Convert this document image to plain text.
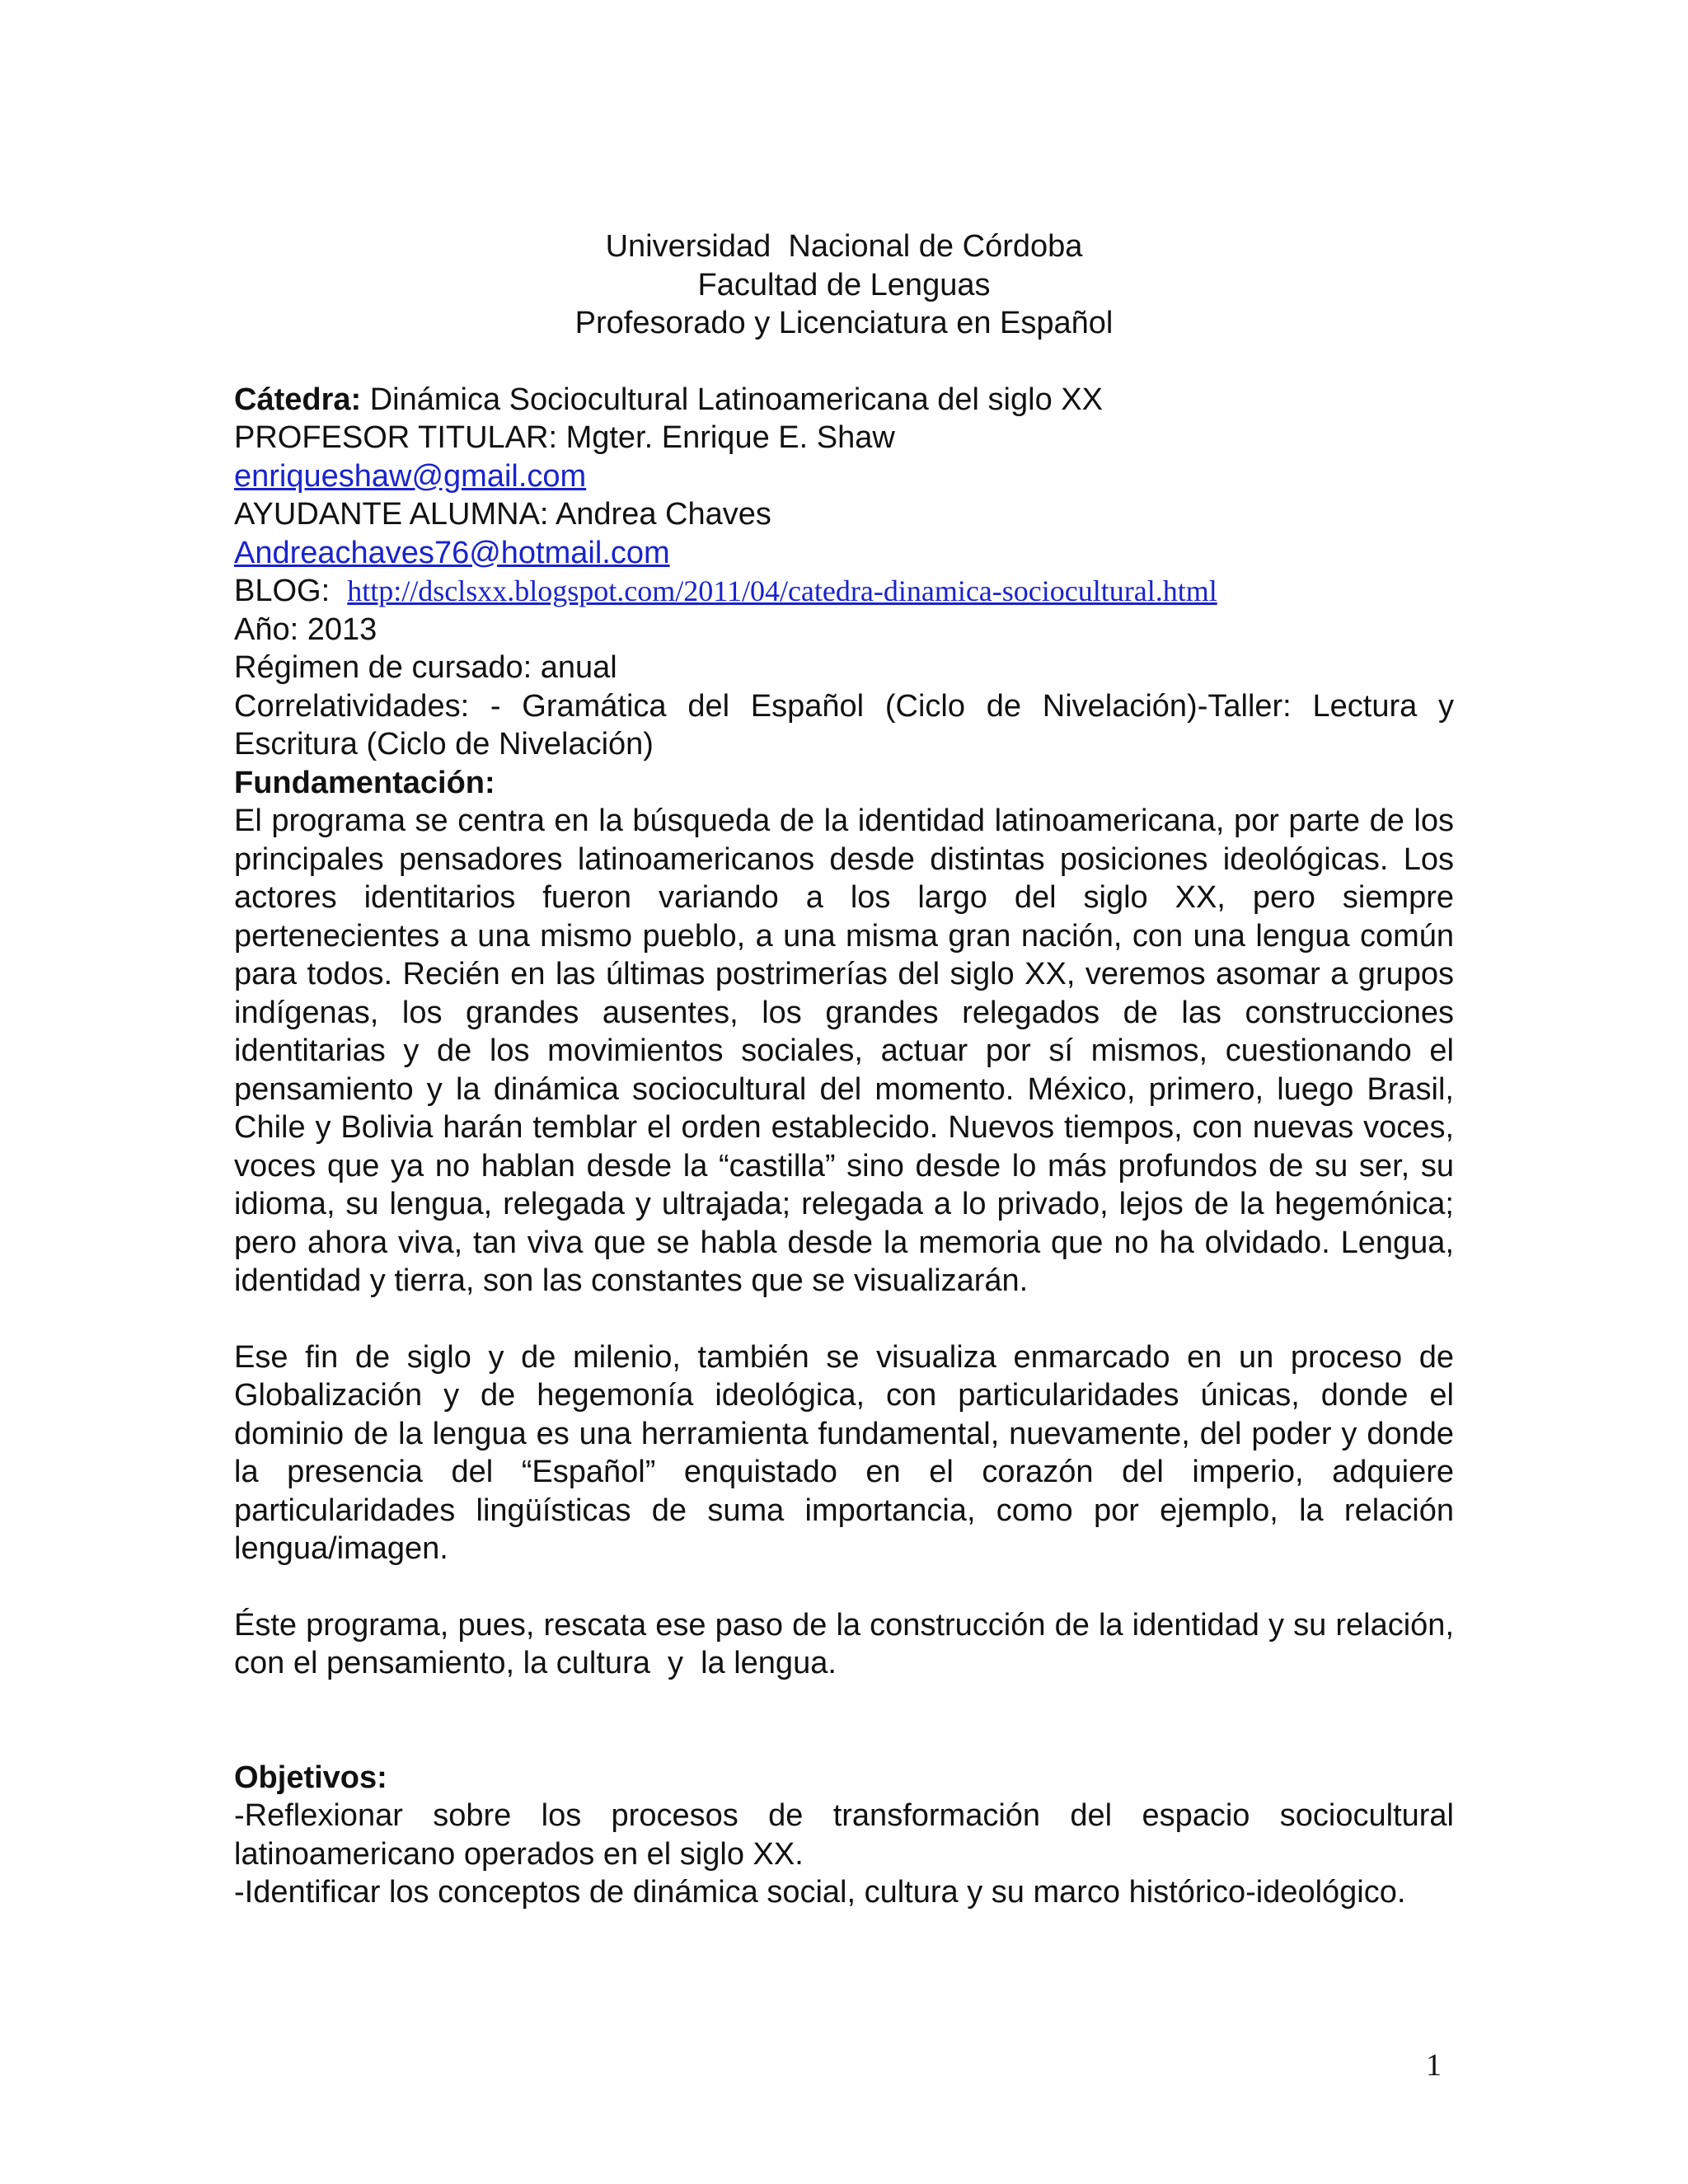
Universidad  Nacional de Córdoba
Facultad de Lenguas
Profesorado y Licenciatura en Español
Cátedra: Dinámica Sociocultural Latinoamericana del siglo XX
PROFESOR TITULAR: Mgter. Enrique E. Shaw
enriqueshaw@gmail.com
AYUDANTE ALUMNA: Andrea Chaves
Andreachaves76@hotmail.com
BLOG:  http://dsclsxx.blogspot.com/2011/04/catedra-dinamica-sociocultural.html
Año: 2013
Régimen de cursado: anual
Correlatividades: - Gramática del Español (Ciclo de Nivelación)-Taller: Lectura y Escritura (Ciclo de Nivelación)
Fundamentación:
El programa se centra en la búsqueda de la identidad latinoamericana, por parte de los principales pensadores latinoamericanos desde distintas posiciones ideológicas. Los actores identitarios fueron variando a los largo del siglo XX, pero siempre pertenecientes a una mismo pueblo, a una misma gran nación, con una lengua común para todos. Recién en las últimas postrimerías del siglo XX, veremos asomar a grupos indígenas, los grandes ausentes, los grandes relegados de las construcciones identitarias y de los movimientos sociales, actuar por sí mismos, cuestionando el pensamiento y la dinámica sociocultural del momento. México, primero, luego Brasil, Chile y Bolivia harán temblar el orden establecido. Nuevos tiempos, con nuevas voces, voces que ya no hablan desde la “castilla” sino desde lo más profundos de su ser, su idioma, su lengua, relegada y ultrajada; relegada a lo privado, lejos de la hegemónica; pero ahora viva, tan viva que se habla desde la memoria que no ha olvidado. Lengua, identidad y tierra, son las constantes que se visualizarán.
Ese fin de siglo y de milenio, también se visualiza enmarcado en un proceso de Globalización y de hegemonía ideológica, con particularidades únicas, donde el dominio de la lengua es una herramienta fundamental, nuevamente, del poder y donde la presencia del “Español” enquistado en el corazón del imperio, adquiere particularidades lingüísticas de suma importancia, como por ejemplo, la relación lengua/imagen.
Éste programa, pues, rescata ese paso de la construcción de la identidad y su relación, con el pensamiento, la cultura  y  la lengua.
Objetivos:
-Reflexionar sobre los procesos de transformación del espacio sociocultural latinoamericano operados en el siglo XX.
-Identificar los conceptos de dinámica social, cultura y su marco histórico-ideológico.
1
